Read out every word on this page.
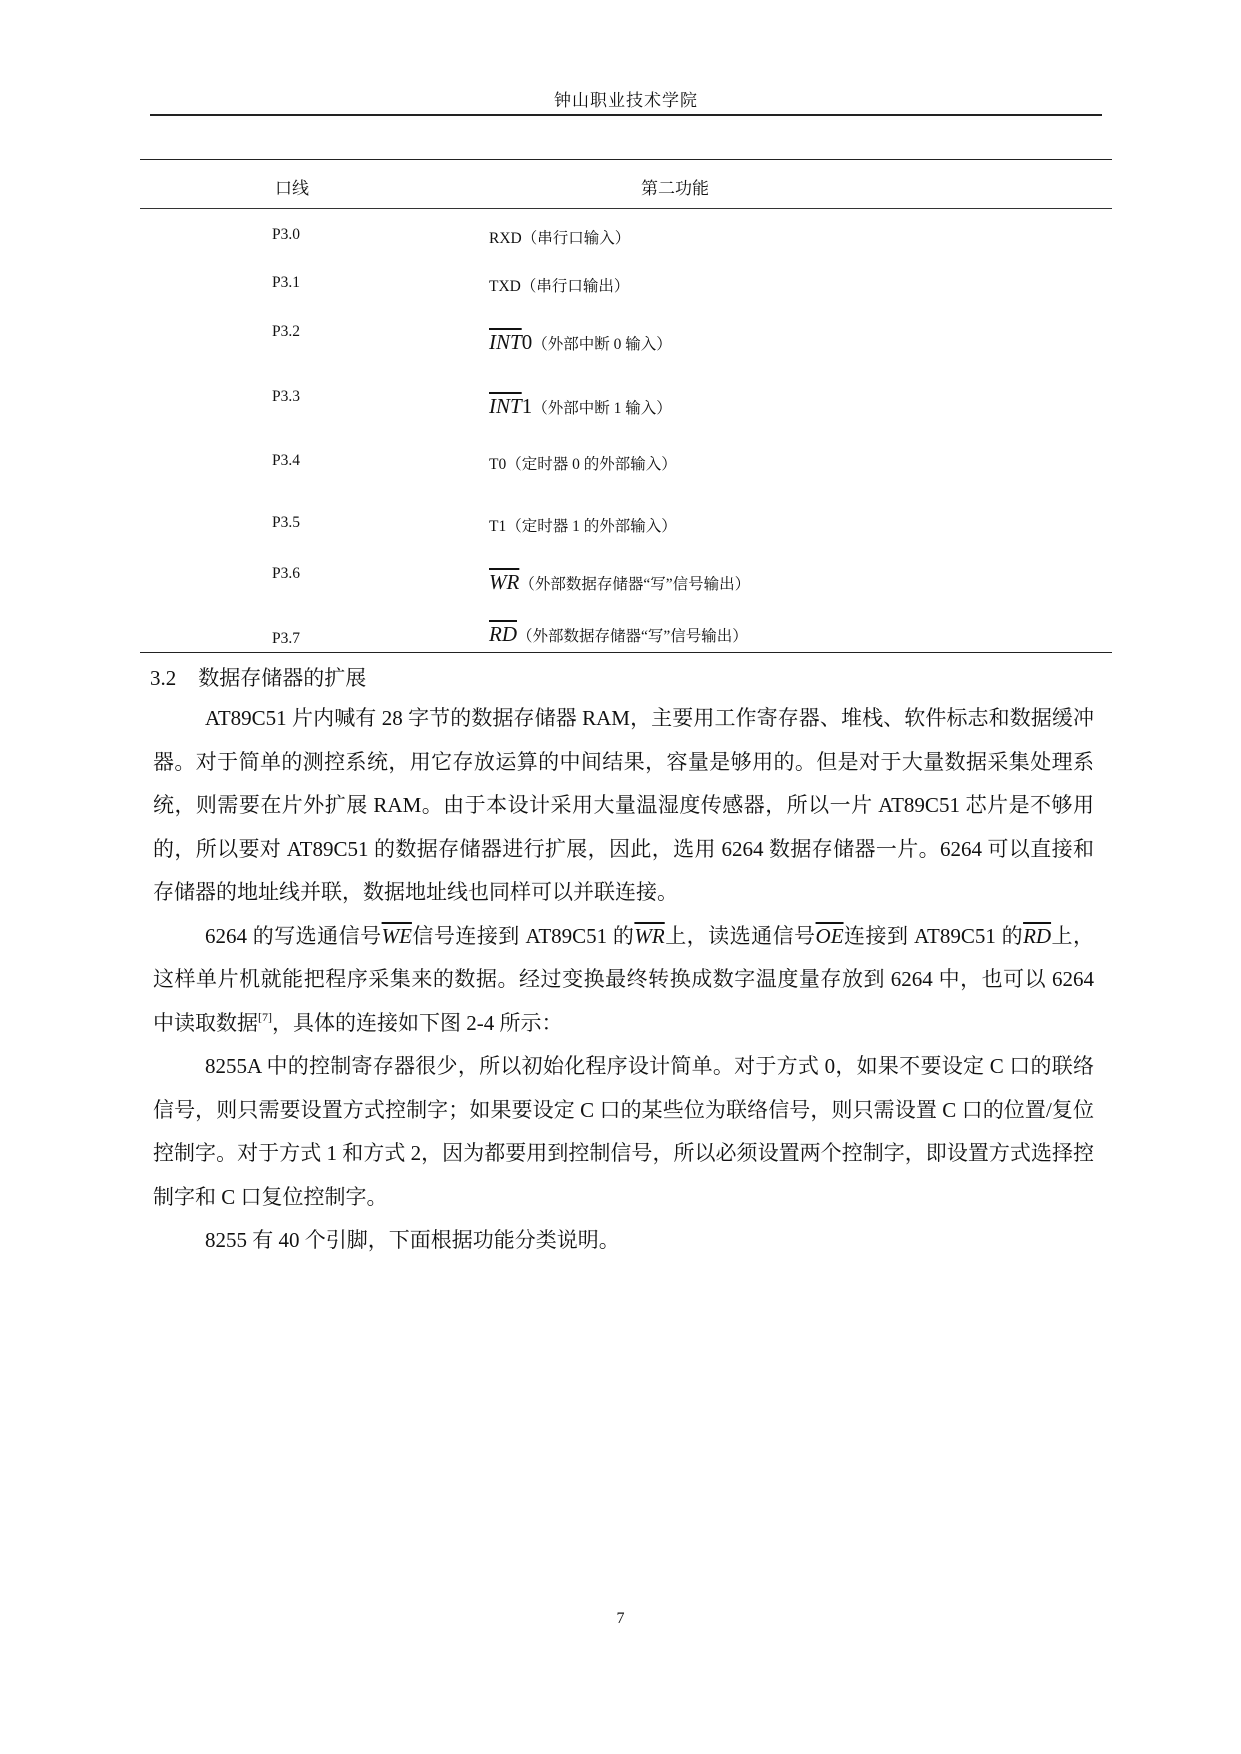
钟山职业技术学院
口线	第二功能
P3.0	RXD（串行口输入）
P3.1	TXD（串行口输出）
P3.2	$\overline{INT}0$（外部中断 0 输入）
P3.3	$\overline{INT}1$（外部中断 1 输入）
P3.4	T0（定时器 0 的外部输入）
P3.5	T1（定时器 1 的外部输入）
P3.6	$\overline{WR}$（外部数据存储器“写”信号输出）
P3.7	$\overline{RD}$（外部数据存储器“写”信号输出）
3.2 数据存储器的扩展

AT89C51 片内喊有 28 字节的数据存储器 RAM，主要用工作寄存器、堆栈、软件标志和数据缓冲器。对于简单的测控系统，用它存放运算的中间结果，容量是够用的。但是对于大量数据采集处理系统，则需要在片外扩展 RAM。由于本设计采用大量温湿度传感器，所以一片 AT89C51 芯片是不够用的，所以要对 AT89C51 的数据存储器进行扩展，因此，选用 6264 数据存储器一片。6264 可以直接和存储器的地址线并联，数据地址线也同样可以并联连接。

6264 的写选通信号$\overline{WE}$信号连接到 AT89C51 的$\overline{WR}$上，读选通信号$\overline{OE}$连接到 AT89C51 的$\overline{RD}$上，这样单片机就能把程序采集来的数据。经过变换最终转换成数字温度量存放到 6264 中，也可以 6264 中读取数据[7]，具体的连接如下图 2-4 所示：

8255A 中的控制寄存器很少，所以初始化程序设计简单。对于方式 0，如果不要设定 C 口的联络信号，则只需要设置方式控制字；如果要设定 C 口的某些位为联络信号，则只需设置 C 口的位置/复位控制字。对于方式 1 和方式 2，因为都要用到控制信号，所以必须设置两个控制字，即设置方式选择控制字和 C 口复位控制字。

8255 有 40 个引脚，下面根据功能分类说明。

7
